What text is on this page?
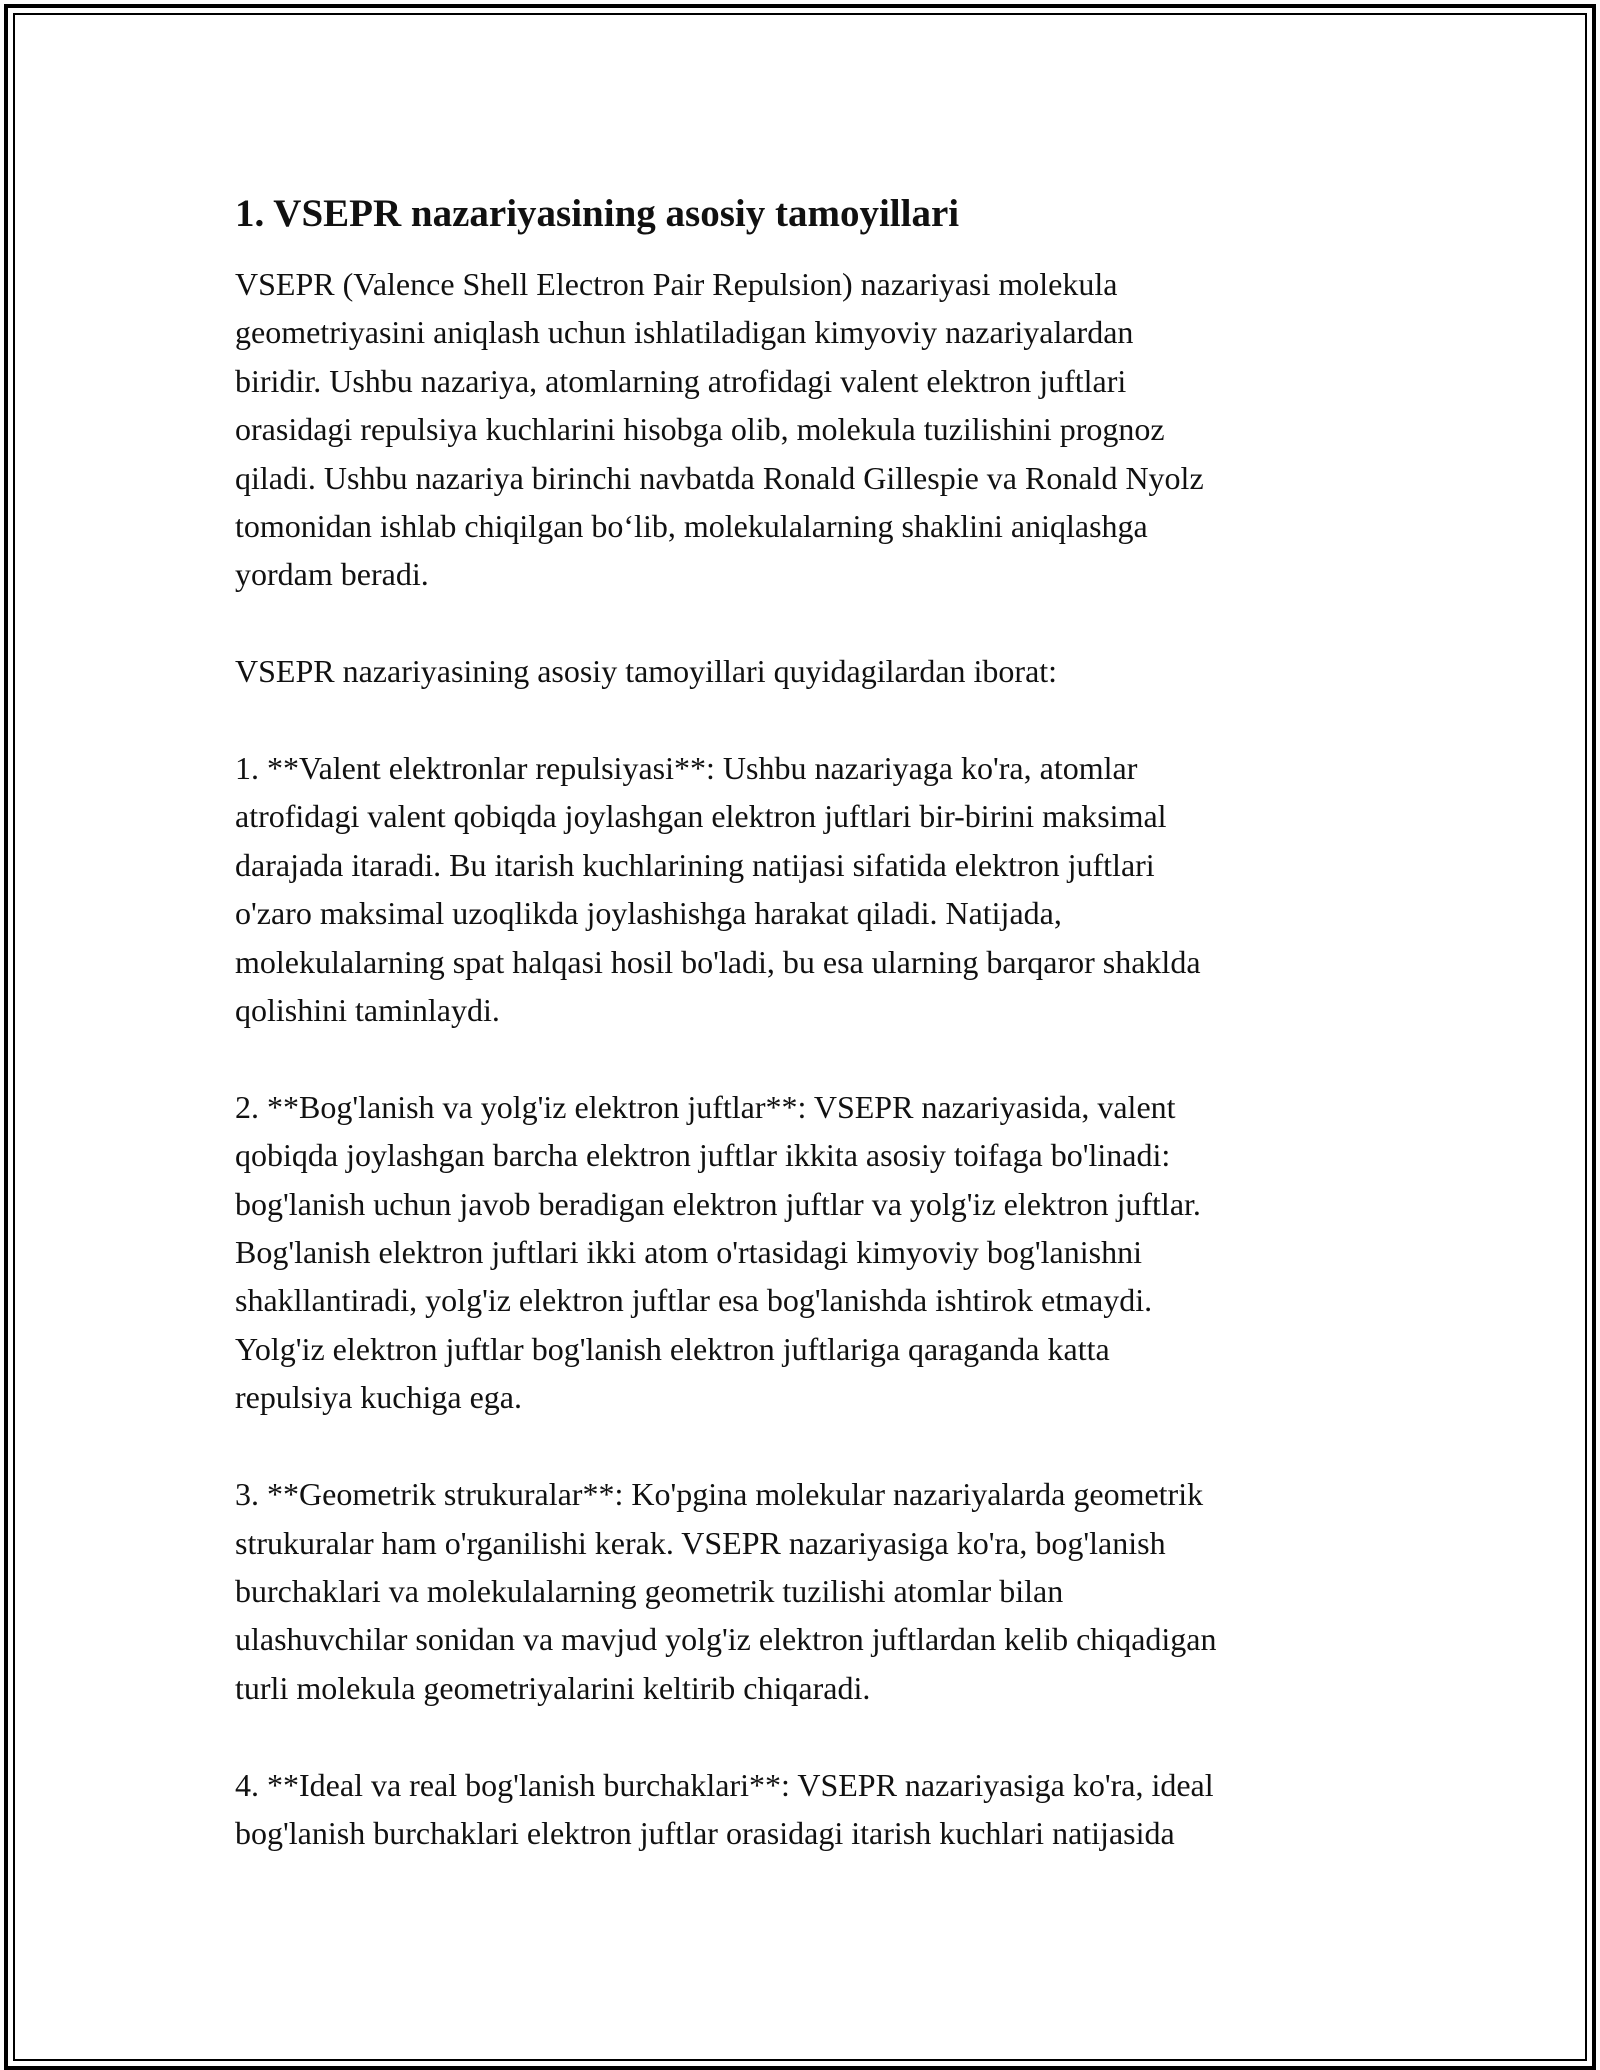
1. VSEPR nazariyasining asosiy tamoyillari

VSEPR (Valence Shell Electron Pair Repulsion) nazariyasi molekula
geometriyasini aniqlash uchun ishlatiladigan kimyoviy nazariyalardan
biridir. Ushbu nazariya, atomlarning atrofidagi valent elektron juftlari
orasidagi repulsiya kuchlarini hisobga olib, molekula tuzilishini prognoz
qiladi. Ushbu nazariya birinchi navbatda Ronald Gillespie va Ronald Nyolz
tomonidan ishlab chiqilgan bo‘lib, molekulalarning shaklini aniqlashga
yordam beradi.

VSEPR nazariyasining asosiy tamoyillari quyidagilardan iborat:

1. **Valent elektronlar repulsiyasi**: Ushbu nazariyaga ko'ra, atomlar
atrofidagi valent qobiqda joylashgan elektron juftlari bir-birini maksimal
darajada itaradi. Bu itarish kuchlarining natijasi sifatida elektron juftlari
o'zaro maksimal uzoqlikda joylashishga harakat qiladi. Natijada,
molekulalarning spat halqasi hosil bo'ladi, bu esa ularning barqaror shakldа
qolishini taminlaydi.

2. **Bog'lanish va yolg'iz elektron juftlar**: VSEPR nazariyasida, valent
qobiqda joylashgan barcha elektron juftlar ikkita asosiy toifaga bo'linadi:
bog'lanish uchun javob beradigan elektron juftlar va yolg'iz elektron juftlar.
Bog'lanish elektron juftlari ikki atom o'rtasidagi kimyoviy bog'lanishni
shakllantiradi, yolg'iz elektron juftlar esa bog'lanishda ishtirok etmaydi.
Yolg'iz elektron juftlar bog'lanish elektron juftlariga qaraganda katta
repulsiya kuchiga ega.

3. **Geometrik strukuralar**: Ko'pgina molekular nazariyalarda geometrik
strukuralar ham o'rganilishi kerak. VSEPR nazariyasiga ko'ra, bog'lanish
burchaklari va molekulalarning geometrik tuzilishi atomlar bilan
ulashuvchilar sonidan va mavjud yolg'iz elektron juftlardan kelib chiqadigan
turli molekula geometriyalarini keltirib chiqaradi.

4. **Ideal va real bog'lanish burchaklari**: VSEPR nazariyasiga ko'ra, ideal
bog'lanish burchaklari elektron juftlar orasidagi itarish kuchlari natijasida
